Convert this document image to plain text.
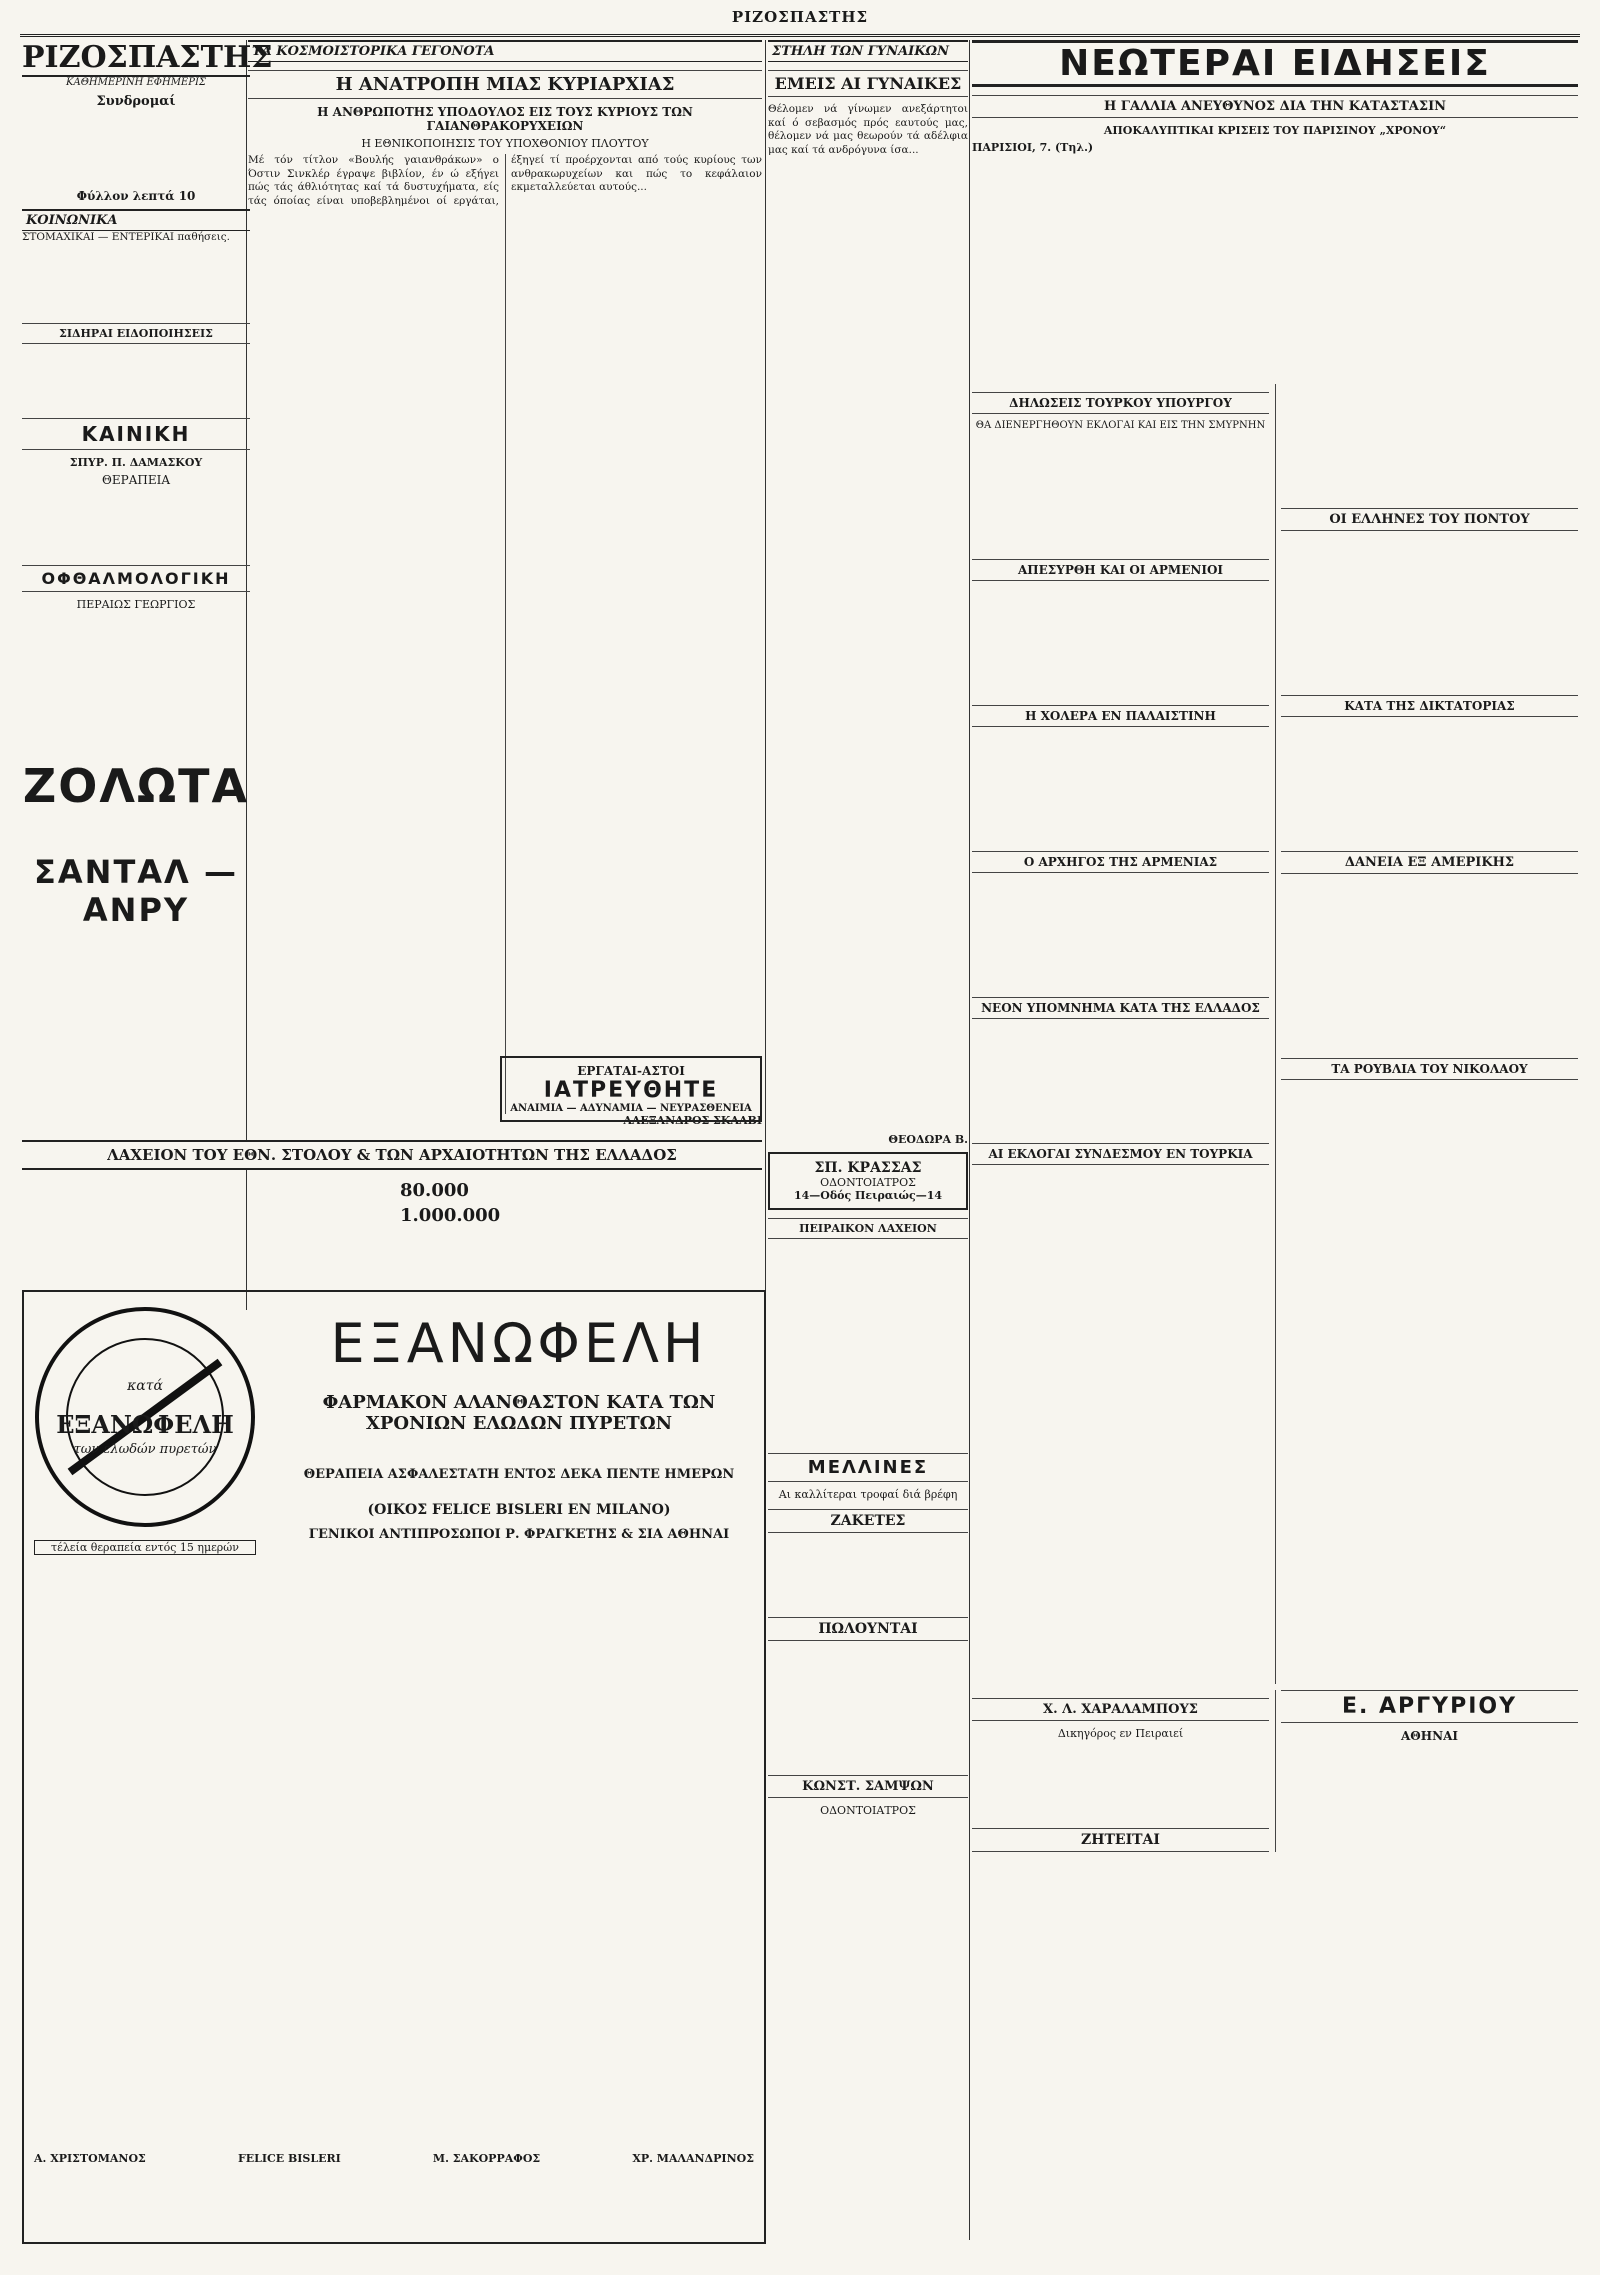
ΡΙΖΟΣΠΑΣΤΗΣ
ΡΙΖΟΣΠΑΣΤΗΣ
ΚΑΘΗΜΕΡΙΝΗ ΕΦΗΜΕΡΙΣ
Συνδρομαί
Φύλλον λεπτά 10
ΚΟΙΝΩΝΙΚΑ
ΣΤΟΜΑΧΙΚΑΙ — ΕΝΤΕΡΙΚΑΙ παθήσεις.
ΣΙΔΗΡΑΙ ΕΙΔΟΠΟΙΗΣΕΙΣ
ΚΑΙΝΙΚΗ
ΣΠΥΡ. Π. ΔΑΜΑΣΚΟΥ
ΘΕΡΑΠΕΙΑ
ΟΦΘΑΛΜΟΛΟΓΙΚΗ
ΠΕΡΑΙΩΣ ΓΕΩΡΓΙΟΣ
ΖΟΛΩΤΑ
ΣΑΝΤΑΛ — ΑΝΡΥ
ΛΑΧΕΙΟΝ ΤΟΥ ΕΘΝ. ΣΤΟΛΟΥ & ΤΩΝ ΑΡΧΑΙΟΤΗΤΩΝ ΤΗΣ ΕΛΛΑΔΟΣ
80.000
1.000.000
ΤΑ ΚΟΣΜΟΙΣΤΟΡΙΚΑ ΓΕΓΟΝΟΤΑ
Η ΑΝΑΤΡΟΠΗ ΜΙΑΣ ΚΥΡΙΑΡΧΙΑΣ
Η ΑΝΘΡΩΠΟΤΗΣ ΥΠΟΔΟΥΛΟΣ ΕΙΣ ΤΟΥΣ ΚΥΡΙΟΥΣ ΤΩΝ ΓΑΙΑΝΘΡΑΚΟΡΥΧΕΙΩΝ
Η ΕΘΝΙΚΟΠΟΙΗΣΙΣ ΤΟΥ ΥΠΟΧΘΟΝΙΟΥ ΠΛΟΥΤΟΥ
Μέ τόν τίτλον «Βουλής γαιανθράκων» ο Όστιν Σινκλέρ έγραψε βιβλίον, έν ώ εξήγει πώς τάς άθλιότητας καί τά δυστυχήματα, είς τάς όποίας είναι υποβεβλημένοι οί εργάται, έξηγεί τί προέρχονται από τούς κυρίους των ανθρακωρυχείων και πώς το κεφάλαιον εκμεταλλεύεται αυτούς...
ΑΛΕΞΑΝΔΡΟΣ ΣΚΛΑΒΙ
ΕΡΓΑΤΑΙ-ΑΣΤΟΙ
ΙΑΤΡΕΥΘΗΤΕ
ΑΝΑΙΜΙΑ — ΑΔΥΝΑΜΙΑ — ΝΕΥΡΑΣΘΕΝΕΙΑ
ΣΤΗΛΗ ΤΩΝ ΓΥΝΑΙΚΩΝ
ΕΜΕΙΣ ΑΙ ΓΥΝΑΙΚΕΣ
Θέλομεν νά γίνωμεν ανεξάρτητοι καί ό σεβασμός πρός εαυτούς μας, θέλομεν νά μας θεωρούν τά αδέλφια μας καί τά ανδρόγυνα ίσα...
ΘΕΟΔΩΡΑ Β.
ΣΠ. ΚΡΑΣΣΑΣ
ΟΔΟΝΤΟΙΑΤΡΟΣ
14—Οδός Πειραιώς—14
ΠΕΙΡΑΙΚΟΝ ΛΑΧΕΙΟΝ
ΜΕΛΛΙΝΕΣ
Αι καλλίτεραι τροφαί διά βρέφη
ΖΑΚΕΤΕΣ
ΠΩΛΟΥΝΤΑΙ
ΚΩΝΣΤ. ΣΑΜΨΩΝ
ΟΔΟΝΤΟΙΑΤΡΟΣ
ΝΕΩΤΕΡΑΙ ΕΙΔΗΣΕΙΣ
Η ΓΑΛΛΙΑ ΑΝΕΥΘΥΝΟΣ ΔΙΑ ΤΗΝ ΚΑΤΑΣΤΑΣΙΝ
ΑΠΟΚΑΛΥΠΤΙΚΑΙ ΚΡΙΣΕΙΣ ΤΟΥ ΠΑΡΙΣΙΝΟΥ „ΧΡΟΝΟΥ“
ΠΑΡΙΣΙΟΙ, 7. (Τηλ.)
ΔΗΛΩΣΕΙΣ ΤΟΥΡΚΟΥ ΥΠΟΥΡΓΟΥ
ΘΑ ΔΙΕΝΕΡΓΗΘΟΥΝ ΕΚΛΟΓΑΙ ΚΑΙ ΕΙΣ ΤΗΝ ΣΜΥΡΝΗΝ
ΑΠΕΣΥΡΘΗ ΚΑΙ ΟΙ ΑΡΜΕΝΙΟΙ
Η ΧΟΛΕΡΑ ΕΝ ΠΑΛΑΙΣΤΙΝΗ
Ο ΑΡΧΗΓΟΣ ΤΗΣ ΑΡΜΕΝΙΑΣ
ΝΕΟΝ ΥΠΟΜΝΗΜΑ ΚΑΤΑ ΤΗΣ ΕΛΛΑΔΟΣ
ΑΙ ΕΚΛΟΓΑΙ ΣΥΝΔΕΣΜΟΥ ΕΝ ΤΟΥΡΚΙΑ
ΟΙ ΕΛΛΗΝΕΣ ΤΟΥ ΠΟΝΤΟΥ
ΚΑΤΑ ΤΗΣ ΔΙΚΤΑΤΟΡΙΑΣ
ΔΑΝΕΙΑ ΕΞ ΑΜΕΡΙΚΗΣ
ΤΑ ΡΟΥΒΛΙΑ ΤΟΥ ΝΙΚΟΛΑΟΥ
Χ. Λ. ΧΑΡΑΛΑΜΠΟΥΣ
Δικηγόρος εν Πειραιεί
ΖΗΤΕΙΤΑΙ
Ε. ΑΡΓΥΡΙΟΥ
ΑΘΗΝΑΙ
ΕΞΑΝΩΦΕΛΗ
κατά
των ελωδών πυρετών
τέλεία θεραπεία εντός 15 ημερών
ΕΞΑΝΩΦΕΛΗ
ΦΑΡΜΑΚΟΝ ΑΛΑΝΘΑΣΤΟΝ ΚΑΤΑ ΤΩΝ ΧΡΟΝΙΩΝ ΕΛΩΔΩΝ ΠΥΡΕΤΩΝ
ΘΕΡΑΠΕΙΑ ΑΣΦΑΛΕΣΤΑΤΗ ΕΝΤΟΣ ΔΕΚΑ ΠΕΝΤΕ ΗΜΕΡΩΝ
(ΟΙΚΟΣ FELICE BISLERI EN MILANO)
ΓΕΝΙΚΟΙ ΑΝΤΙΠΡΟΣΩΠΟΙ Ρ. ΦΡΑΓΚΕΤΗΣ & ΣΙΑ ΑΘΗΝΑΙ
A. ΧΡΙΣΤΟΜΑΝΟΣ	FELICE BISLERI	Μ. ΣΑΚΟΡΡΑΦΟΣ	ΧΡ. ΜΑΛΑΝΔΡΙΝΟΣ
